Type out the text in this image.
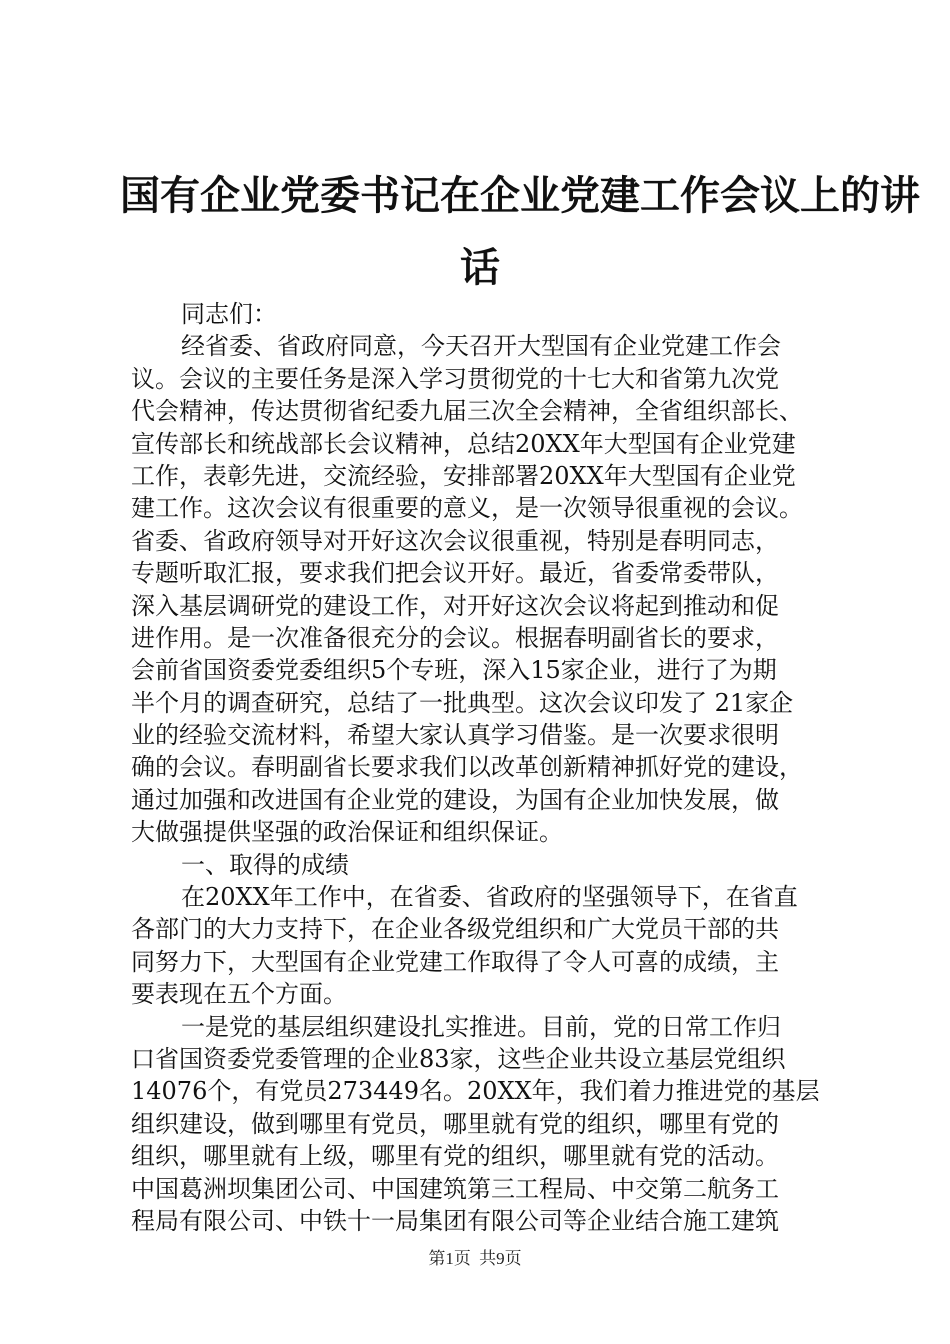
国有企业党委书记在企业党建工作会议上的讲
话
同志们：
经省委、省政府同意，今天召开大型国有企业党建工作会
议。会议的主要任务是深入学习贯彻党的十七大和省第九次党
代会精神，传达贯彻省纪委九届三次全会精神，全省组织部长、
宣传部长和统战部长会议精神，总结20XX年大型国有企业党建
工作，表彰先进，交流经验，安排部署20XX年大型国有企业党
建工作。这次会议有很重要的意义，是一次领导很重视的会议。
省委、省政府领导对开好这次会议很重视，特别是春明同志，
专题听取汇报，要求我们把会议开好。最近，省委常委带队，
深入基层调研党的建设工作，对开好这次会议将起到推动和促
进作用。是一次准备很充分的会议。根据春明副省长的要求，
会前省国资委党委组织5个专班，深入15家企业，进行了为期
半个月的调查研究，总结了一批典型。这次会议印发了 21家企
业的经验交流材料，希望大家认真学习借鉴。是一次要求很明
确的会议。春明副省长要求我们以改革创新精神抓好党的建设，
通过加强和改进国有企业党的建设，为国有企业加快发展，做
大做强提供坚强的政治保证和组织保证。
一、取得的成绩
在20XX年工作中，在省委、省政府的坚强领导下，在省直
各部门的大力支持下，在企业各级党组织和广大党员干部的共
同努力下，大型国有企业党建工作取得了令人可喜的成绩，主
要表现在五个方面。
一是党的基层组织建设扎实推进。目前，党的日常工作归
口省国资委党委管理的企业83家，这些企业共设立基层党组织
14076个，有党员273449名。20XX年，我们着力推进党的基层
组织建设，做到哪里有党员，哪里就有党的组织，哪里有党的
组织，哪里就有上级，哪里有党的组织，哪里就有党的活动。
中国葛洲坝集团公司、中国建筑第三工程局、中交第二航务工
程局有限公司、中铁十一局集团有限公司等企业结合施工建筑
第1页 共9页
